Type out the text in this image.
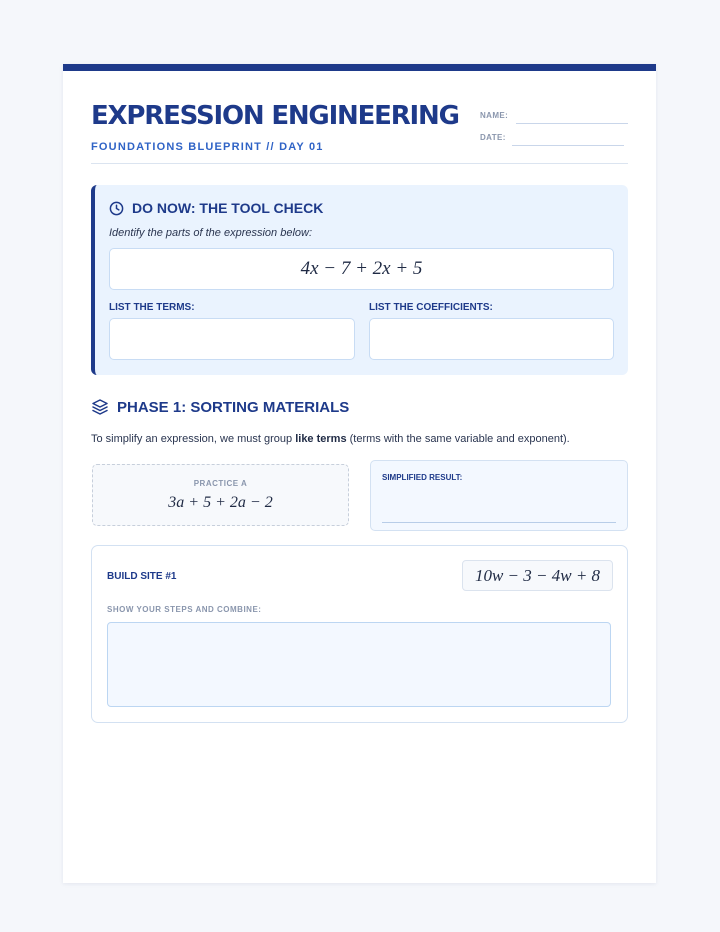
EXPRESSION ENGINEERING
FOUNDATIONS BLUEPRINT // DAY 01
NAME:
DATE:
DO NOW: THE TOOL CHECK
Identify the parts of the expression below:
4x − 7 + 2x + 5
LIST THE TERMS:	LIST THE COEFFICIENTS:
PHASE 1: SORTING MATERIALS
To simplify an expression, we must group like terms (terms with the same variable and exponent).
PRACTICE A
3a + 5 + 2a − 2
SIMPLIFIED RESULT:
BUILD SITE #1	10w − 3 − 4w + 8
SHOW YOUR STEPS AND COMBINE:
